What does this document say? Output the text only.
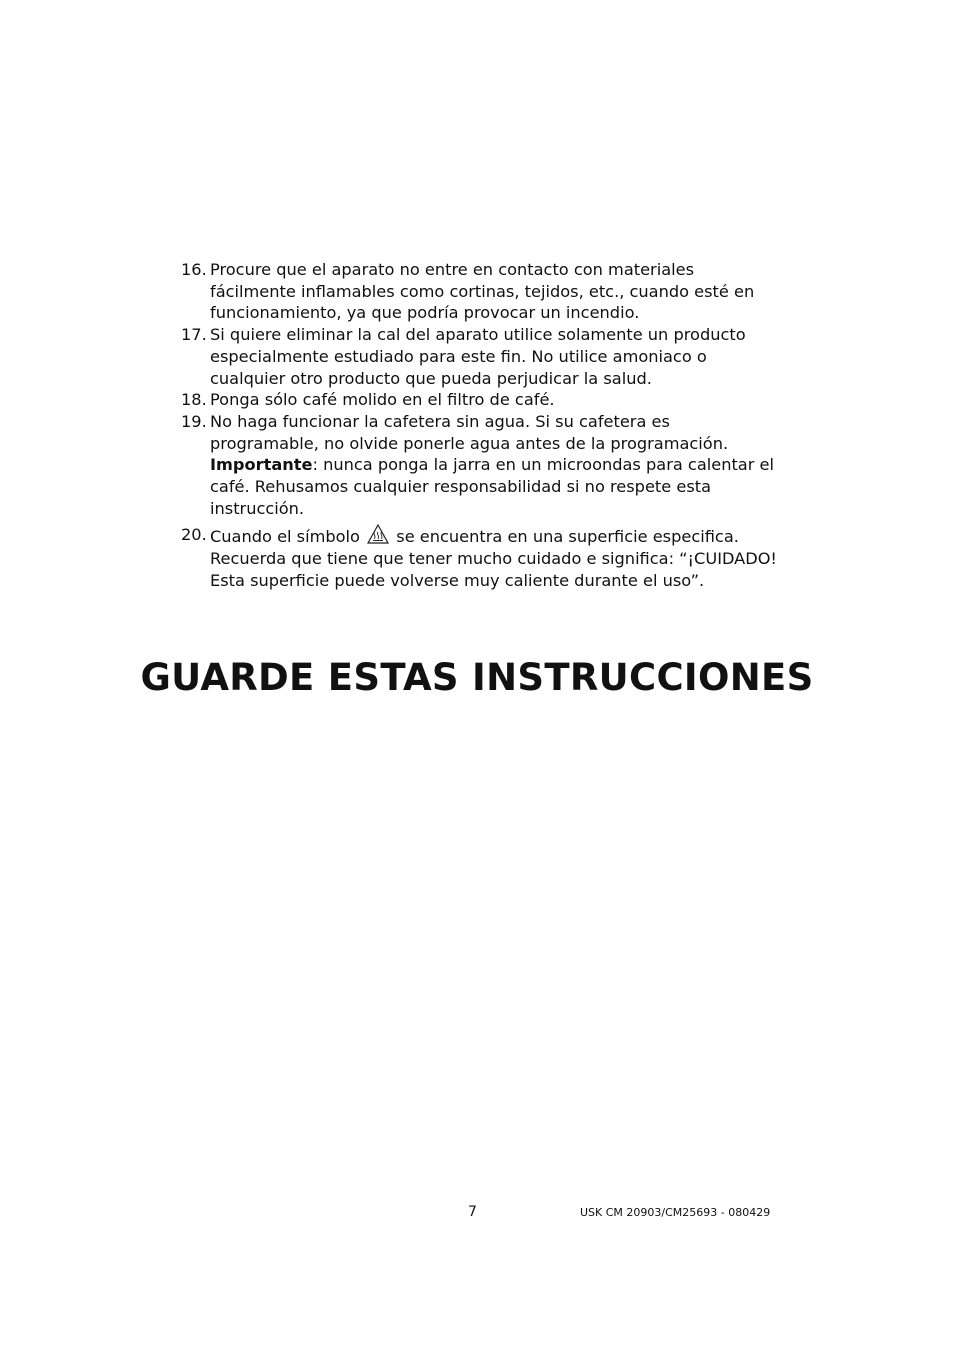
16. Procure que el aparato no entre en contacto con materiales fácilmente inflamables como cortinas, tejidos, etc., cuando esté en funcionamiento, ya que podría provocar un incendio.
17. Si quiere eliminar la cal del aparato utilice solamente un producto especialmente estudiado para este fin. No utilice amoniaco o cualquier otro producto que pueda perjudicar la salud.
18. Ponga sólo café molido en el filtro de café.
19. No haga funcionar la cafetera sin agua. Si su cafetera es programable, no olvide ponerle agua antes de la programación.
Importante: nunca ponga la jarra en un microondas para calentar el café. Rehusamos cualquier responsabilidad si no respete esta instrucción.
20. Cuando el símbolo se encuentra en una superficie especifica. Recuerda que tiene que tener mucho cuidado e significa: “¡CUIDADO! Esta superficie puede volverse muy caliente durante el uso”.
GUARDE ESTAS INSTRUCCIONES
7	USK CM 20903/CM25693 - 080429
